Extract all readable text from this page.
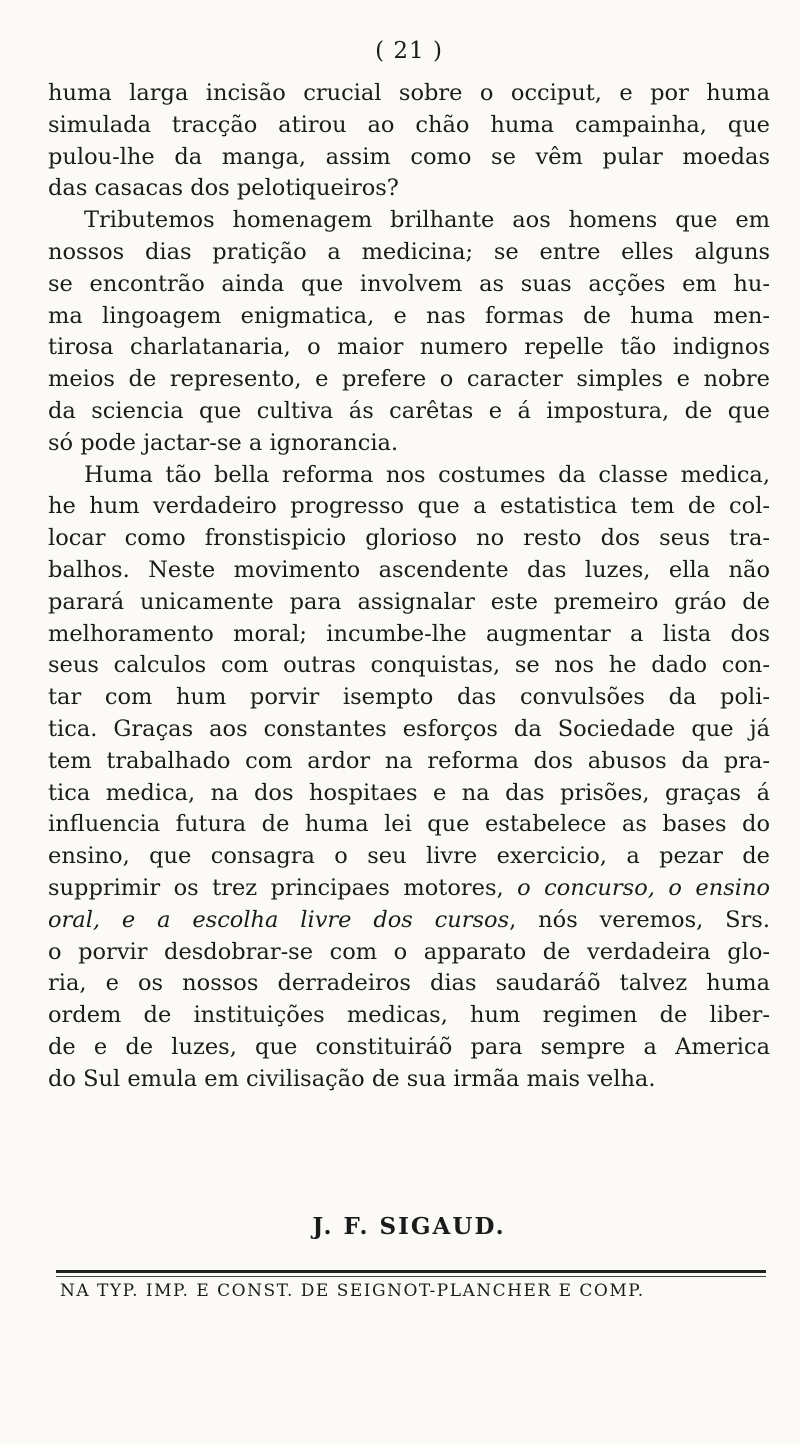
( 21 )
huma larga incisão crucial sobre o occiput, e por huma
simulada tracção atirou ao chão huma campainha, que
pulou-lhe da manga, assim como se vêm pular moedas
das casacas dos pelotiqueiros?
Tributemos homenagem brilhante aos homens que em
nossos dias pratição a medicina; se entre elles alguns
se encontrão ainda que involvem as suas acções em hu-
ma lingoagem enigmatica, e nas formas de huma men-
tirosa charlatanaria, o maior numero repelle tão indignos
meios de represento, e prefere o caracter simples e nobre
da sciencia que cultiva ás carêtas e á impostura, de que
só pode jactar-se a ignorancia.
Huma tão bella reforma nos costumes da classe medica,
he hum verdadeiro progresso que a estatistica tem de col-
locar como fronstispicio glorioso no resto dos seus tra-
balhos. Neste movimento ascendente das luzes, ella não
parará unicamente para assignalar este premeiro gráo de
melhoramento moral; incumbe-lhe augmentar a lista dos
seus calculos com outras conquistas, se nos he dado con-
tar com hum porvir isempto das convulsões da poli-
tica. Graças aos constantes esforços da Sociedade que já
tem trabalhado com ardor na reforma dos abusos da pra-
tica medica, na dos hospitaes e na das prisões, graças á
influencia futura de huma lei que estabelece as bases do
ensino, que consagra o seu livre exercicio, a pezar de
supprimir os trez principaes motores, o concurso, o ensino
oral, e a escolha livre dos cursos, nós veremos, Srs.
o porvir desdobrar-se com o apparato de verdadeira glo-
ria, e os nossos derradeiros dias saudaráõ talvez huma
ordem de instituições medicas, hum regimen de liber-
de e de luzes, que constituiráõ para sempre a America
do Sul emula em civilisação de sua irmãa mais velha.
J. F. SIGAUD.
NA TYP. IMP. E CONST. DE SEIGNOT-PLANCHER E COMP.
